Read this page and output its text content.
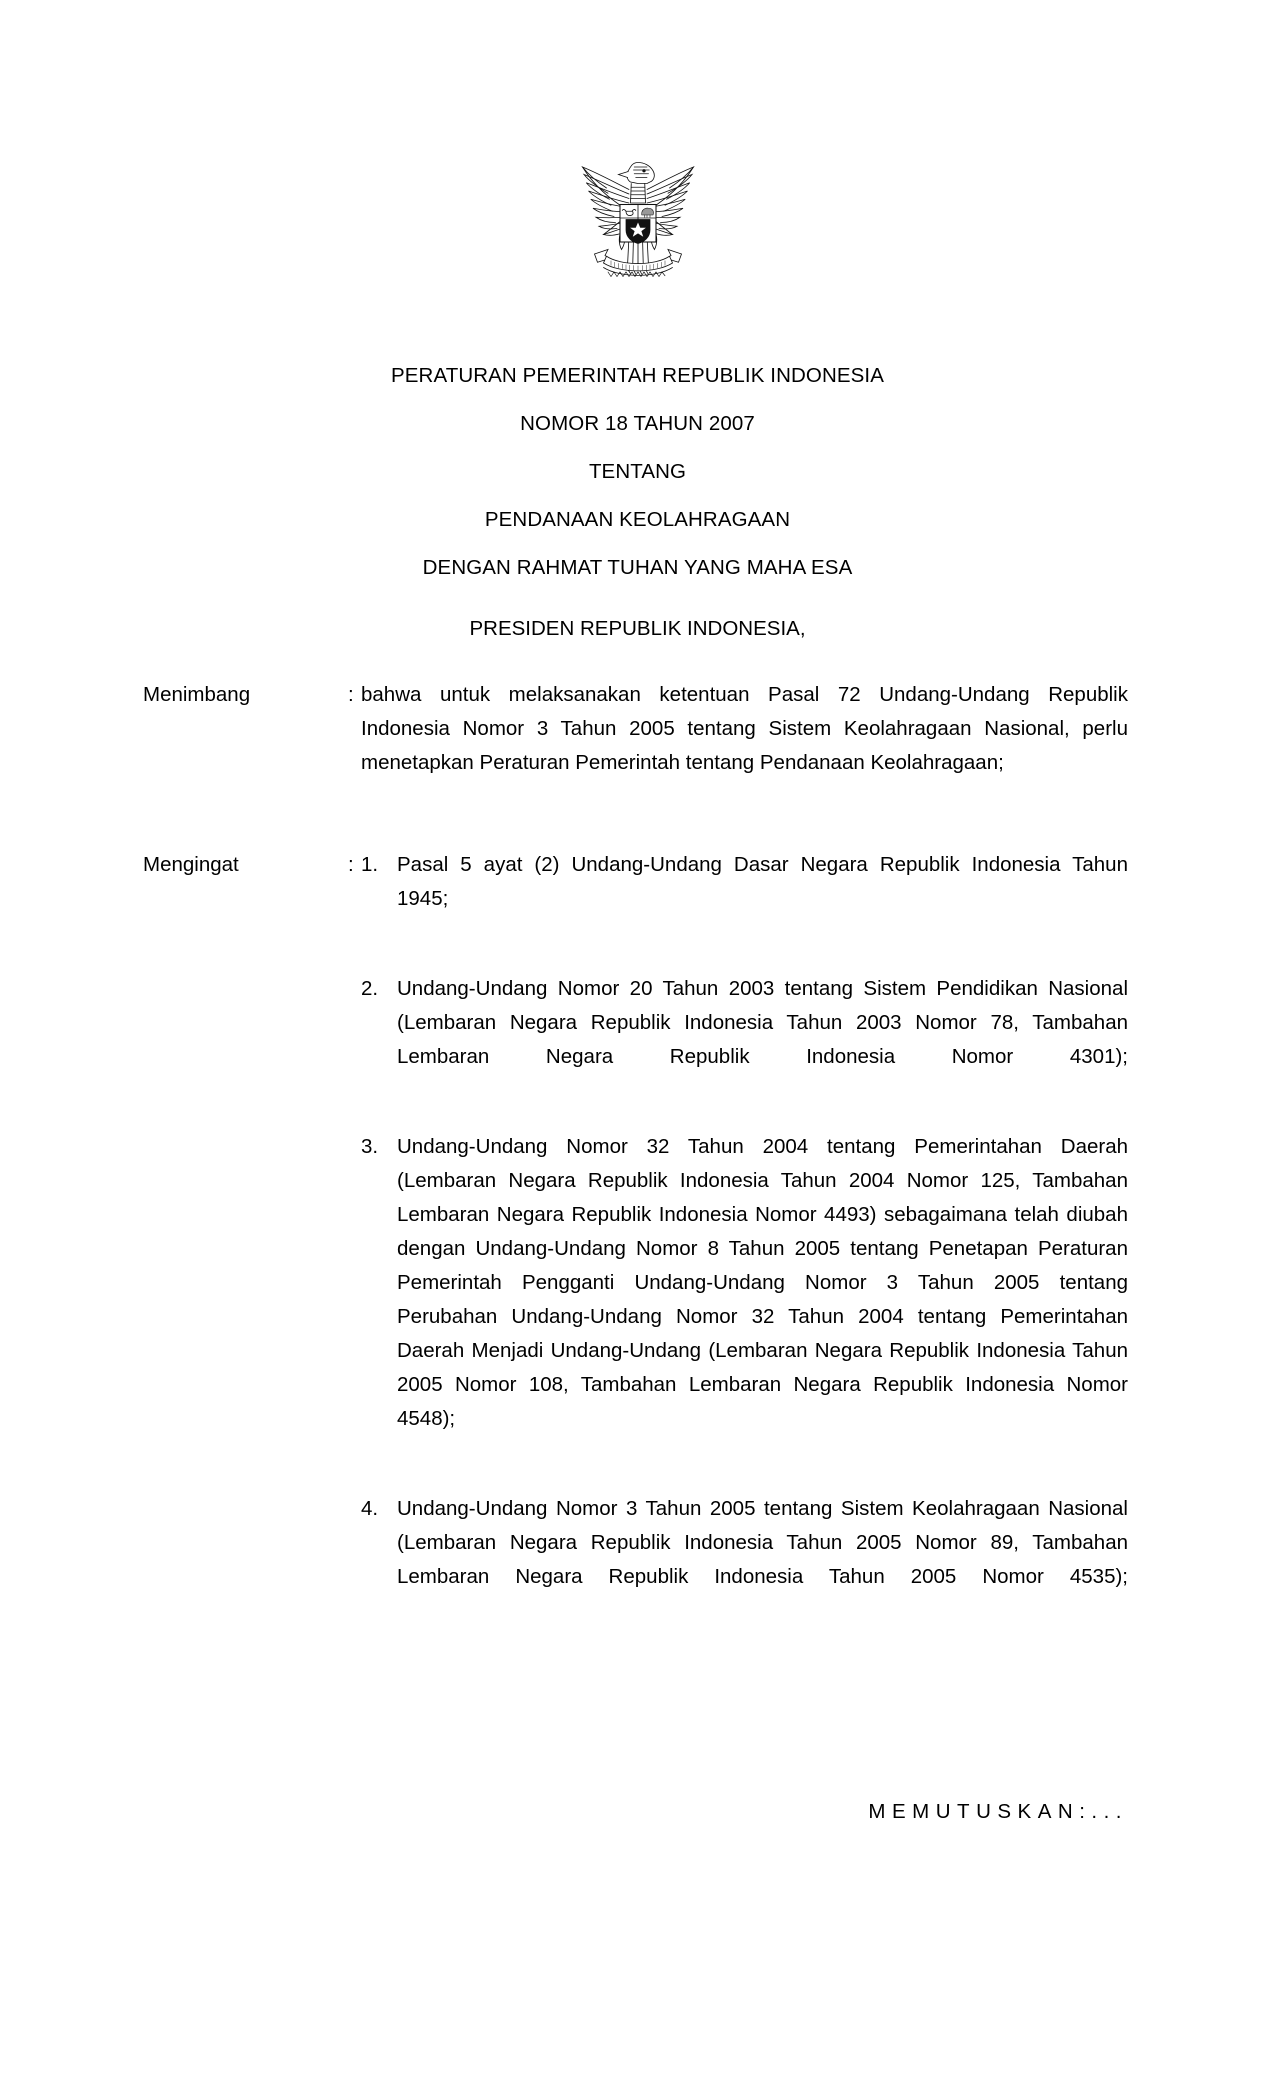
PERATURAN PEMERINTAH REPUBLIK INDONESIA
NOMOR 18 TAHUN 2007
TENTANG
PENDANAAN KEOLAHRAGAAN
DENGAN RAHMAT TUHAN YANG MAHA ESA
PRESIDEN REPUBLIK INDONESIA,
Menimbang	: bahwa untuk melaksanakan ketentuan Pasal 72 Undang-Undang Republik Indonesia Nomor 3 Tahun 2005 tentang Sistem Keolahragaan Nasional, perlu menetapkan Peraturan Pemerintah tentang Pendanaan Keolahragaan;
Mengingat	: 1. Pasal 5 ayat (2) Undang-Undang Dasar Negara Republik Indonesia Tahun 1945;
2. Undang-Undang Nomor 20 Tahun 2003 tentang Sistem Pendidikan Nasional (Lembaran Negara Republik Indonesia Tahun 2003 Nomor 78, Tambahan Lembaran Negara Republik Indonesia Nomor 4301);
3. Undang-Undang Nomor 32 Tahun 2004 tentang Pemerintahan Daerah (Lembaran Negara Republik Indonesia Tahun 2004 Nomor 125, Tambahan Lembaran Negara Republik Indonesia Nomor 4493) sebagaimana telah diubah dengan Undang-Undang Nomor 8 Tahun 2005 tentang Penetapan Peraturan Pemerintah Pengganti Undang-Undang Nomor 3 Tahun 2005 tentang Perubahan Undang-Undang Nomor 32 Tahun 2004 tentang Pemerintahan Daerah Menjadi Undang-Undang (Lembaran Negara Republik Indonesia Tahun 2005 Nomor 108, Tambahan Lembaran Negara Republik Indonesia Nomor 4548);
4. Undang-Undang Nomor 3 Tahun 2005 tentang Sistem Keolahragaan Nasional (Lembaran Negara Republik Indonesia Tahun 2005 Nomor 89, Tambahan Lembaran Negara Republik Indonesia Tahun 2005 Nomor 4535);
MEMUTUSKAN:...
